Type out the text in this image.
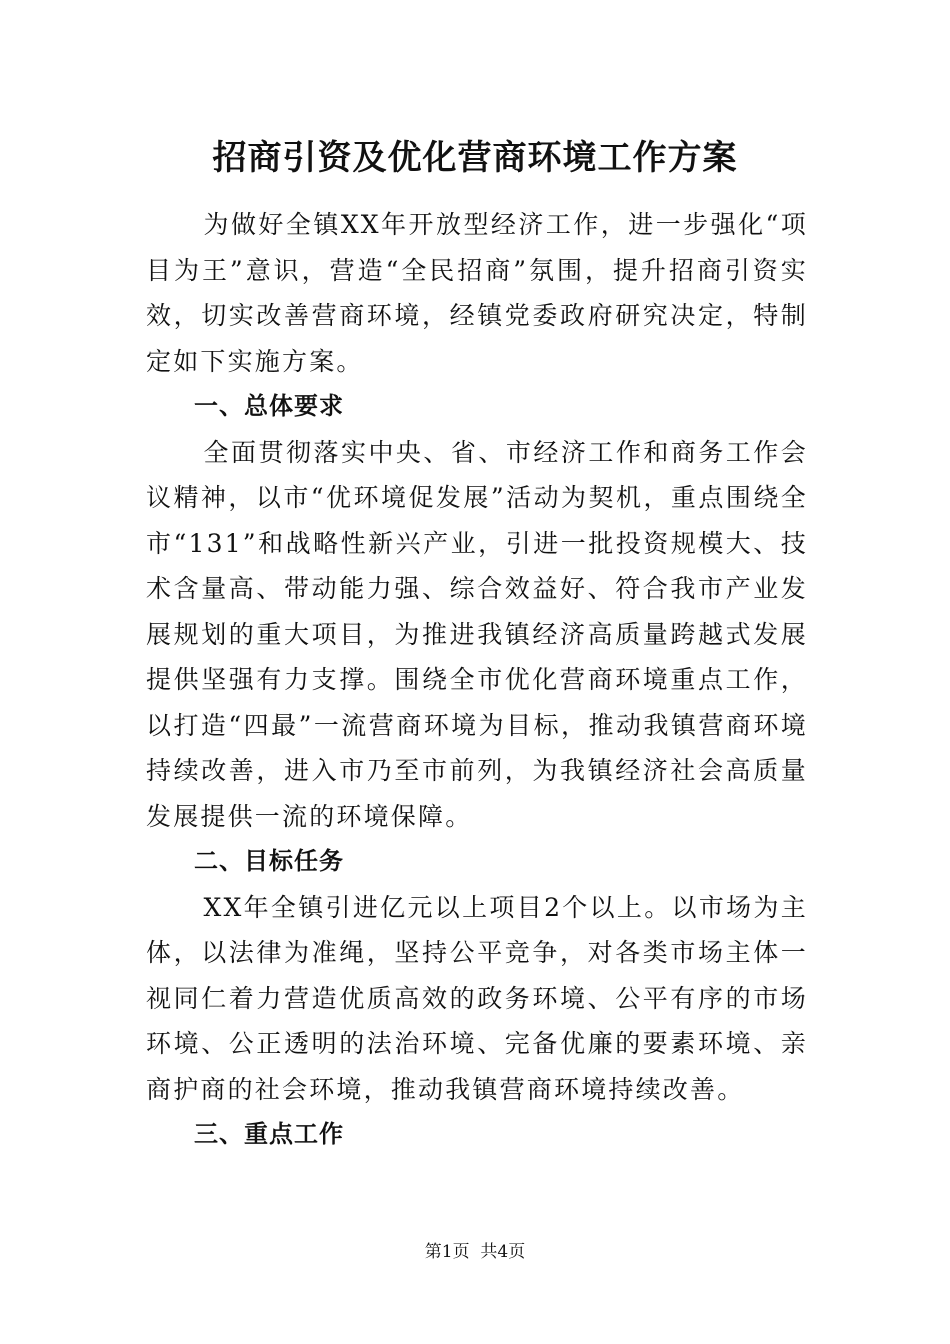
招商引资及优化营商环境工作方案

为做好全镇XX年开放型经济工作，进一步强化“项目为王”意识，营造“全民招商”氛围，提升招商引资实效，切实改善营商环境，经镇党委政府研究决定，特制定如下实施方案。

一、总体要求

全面贯彻落实中央、省、市经济工作和商务工作会议精神，以市“优环境促发展”活动为契机，重点围绕全市“131”和战略性新兴产业，引进一批投资规模大、技术含量高、带动能力强、综合效益好、符合我市产业发展规划的重大项目，为推进我镇经济高质量跨越式发展提供坚强有力支撑。围绕全市优化营商环境重点工作，以打造“四最”一流营商环境为目标，推动我镇营商环境持续改善，进入市乃至市前列，为我镇经济社会高质量发展提供一流的环境保障。

二、目标任务

XX年全镇引进亿元以上项目2个以上。以市场为主体，以法律为准绳，坚持公平竞争，对各类市场主体一视同仁着力营造优质高效的政务环境、公平有序的市场环境、公正透明的法治环境、完备优廉的要素环境、亲商护商的社会环境，推动我镇营商环境持续改善。

三、重点工作

第1页 共4页
